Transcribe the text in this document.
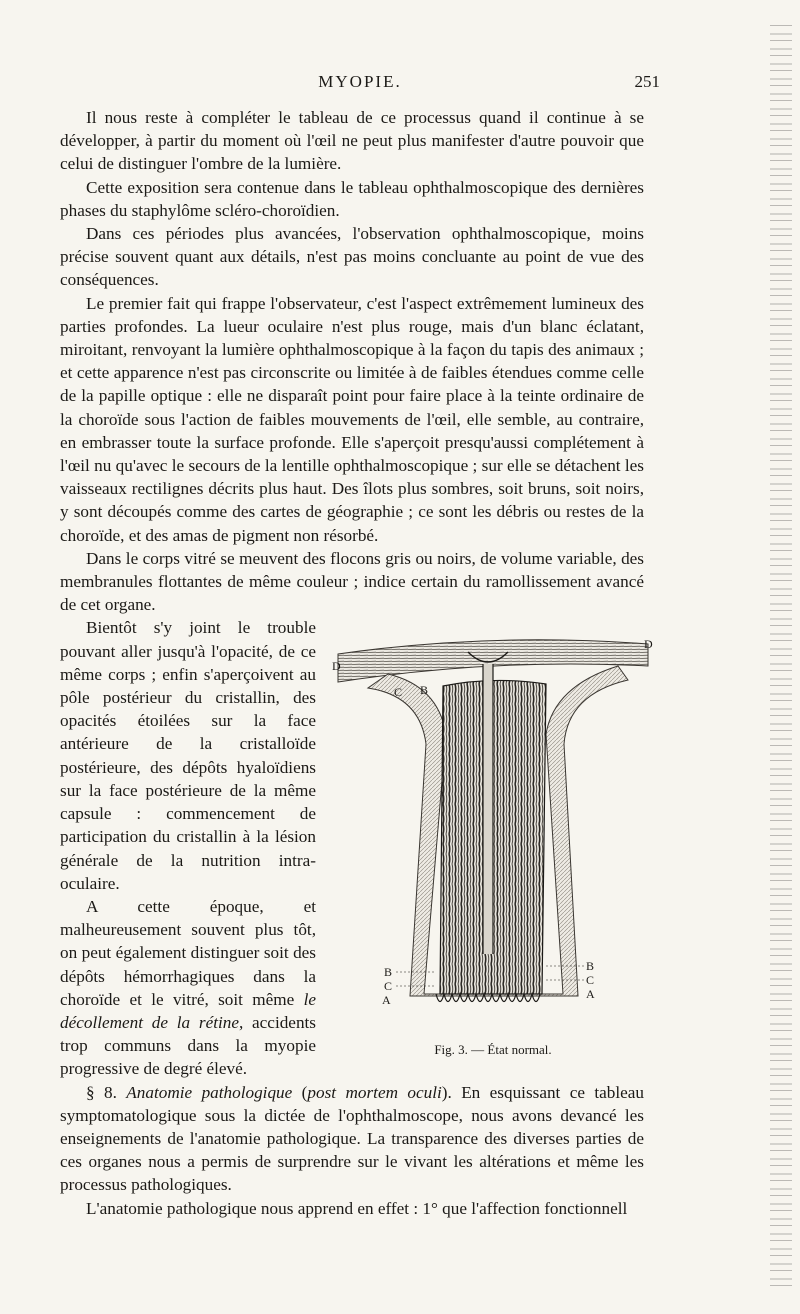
MYOPIE.	251

Il nous reste à compléter le tableau de ce processus quand il continue à se développer, à partir du moment où l'œil ne peut plus manifester d'autre pouvoir que celui de distinguer l'ombre de la lumière.

Cette exposition sera contenue dans le tableau ophthalmoscopique des dernières phases du staphylôme scléro-choroïdien.

Dans ces périodes plus avancées, l'observation ophthalmoscopique, moins précise souvent quant aux détails, n'est pas moins concluante au point de vue des conséquences.

Le premier fait qui frappe l'observateur, c'est l'aspect extrêmement lumineux des parties profondes. La lueur oculaire n'est plus rouge, mais d'un blanc éclatant, miroitant, renvoyant la lumière ophthalmoscopique à la façon du tapis des animaux ; et cette apparence n'est pas circonscrite ou limitée à de faibles étendues comme celle de la papille optique : elle ne disparaît point pour faire place à la teinte ordinaire de la choroïde sous l'action de faibles mouvements de l'œil, elle semble, au contraire, en embrasser toute la surface profonde. Elle s'aperçoit presqu'aussi complétement à l'œil nu qu'avec le secours de la lentille ophthalmoscopique ; sur elle se détachent les vaisseaux rectilignes décrits plus haut. Des îlots plus sombres, soit bruns, soit noirs, y sont découpés comme des cartes de géographie ; ce sont les débris ou restes de la choroïde, et des amas de pigment non résorbé.

Dans le corps vitré se meuvent des flocons gris ou noirs, de volume variable, des membranules flottantes de même couleur ; indice certain du ramollissement avancé de cet organe.

D
D
C B
B
C
A
B
C
A
Fig. 3. — État normal.

Bientôt s'y joint le trouble pouvant aller jusqu'à l'opacité, de ce même corps ; enfin s'aperçoivent au pôle postérieur du cristallin, des opacités étoilées sur la face antérieure de la cristalloïde postérieure, des dépôts hyaloïdiens sur la face postérieure de la même capsule : commencement de participation du cristallin à la lésion générale de la nutrition intra-oculaire.

A cette époque, et malheureusement souvent plus tôt, on peut également distinguer soit des dépôts hémorrhagiques dans la choroïde et le vitré, soit même le décollement de la rétine, accidents trop communs dans la myopie progressive de degré élevé.

§ 8. Anatomie pathologique (post mortem oculi). En esquissant ce tableau symptomatologique sous la dictée de l'ophthalmoscope, nous avons devancé les enseignements de l'anatomie pathologique. La transparence des diverses parties de ces organes nous a permis de surprendre sur le vivant les altérations et même les processus pathologiques.

L'anatomie pathologique nous apprend en effet : 1° que l'affection fonctionnell
